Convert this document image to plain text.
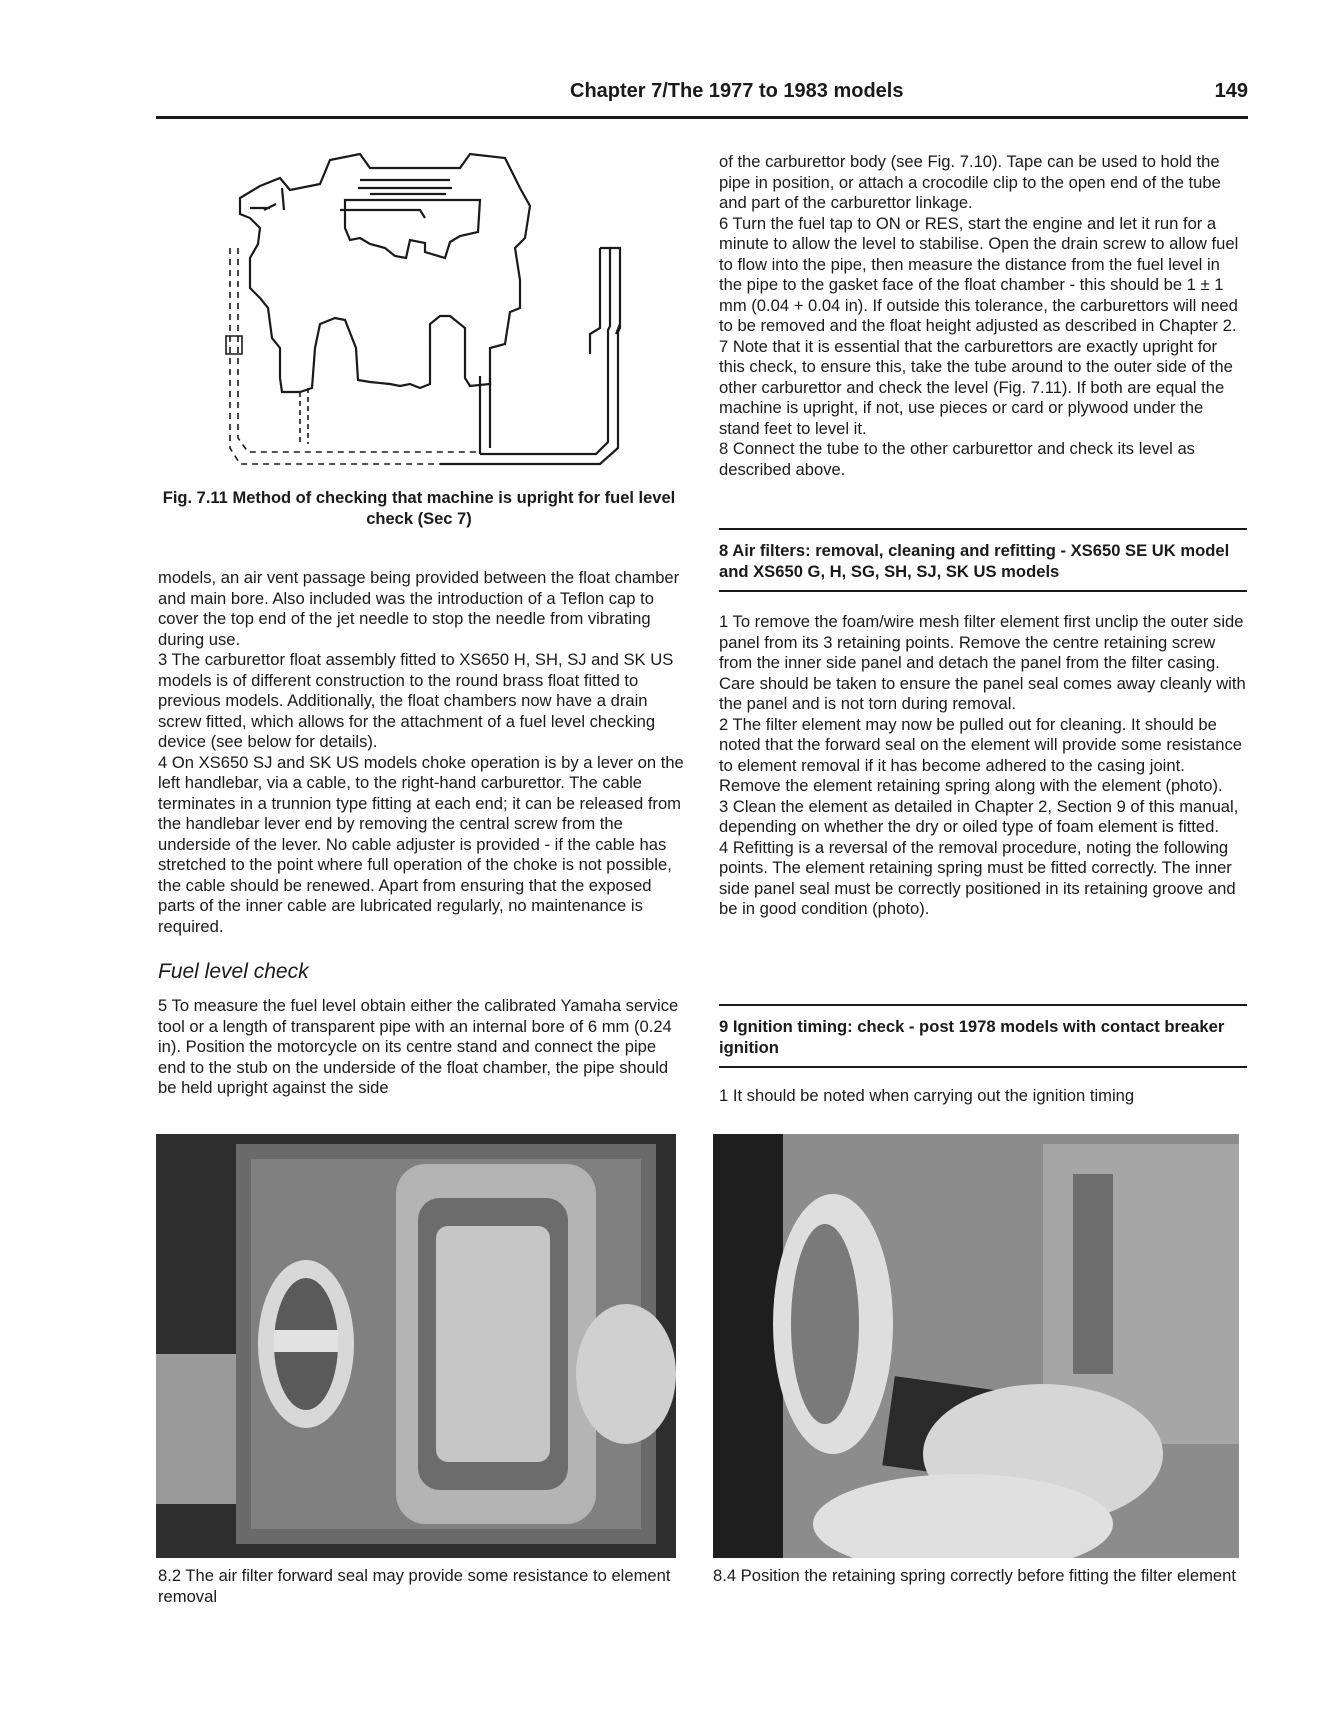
Chapter 7/The 1977 to 1983 models	149
Fig. 7.11 Method of checking that machine is upright for fuel level check (Sec 7)

models, an air vent passage being provided between the float chamber and main bore. Also included was the introduction of a Teflon cap to cover the top end of the jet needle to stop the needle from vibrating during use.

3 The carburettor float assembly fitted to XS650 H, SH, SJ and SK US models is of different construction to the round brass float fitted to previous models. Additionally, the float chambers now have a drain screw fitted, which allows for the attachment of a fuel level checking device (see below for details).

4 On XS650 SJ and SK US models choke operation is by a lever on the left handlebar, via a cable, to the right-hand carburettor. The cable terminates in a trunnion type fitting at each end; it can be released from the handlebar lever end by removing the central screw from the underside of the lever. No cable adjuster is provided - if the cable has stretched to the point where full operation of the choke is not possible, the cable should be renewed. Apart from ensuring that the exposed parts of the inner cable are lubricated regularly, no maintenance is required.

Fuel level check

5 To measure the fuel level obtain either the calibrated Yamaha service tool or a length of transparent pipe with an internal bore of 6 mm (0.24 in). Position the motorcycle on its centre stand and connect the pipe end to the stub on the underside of the float chamber, the pipe should be held upright against the side

of the carburettor body (see Fig. 7.10). Tape can be used to hold the pipe in position, or attach a crocodile clip to the open end of the tube and part of the carburettor linkage.

6 Turn the fuel tap to ON or RES, start the engine and let it run for a minute to allow the level to stabilise. Open the drain screw to allow fuel to flow into the pipe, then measure the distance from the fuel level in the pipe to the gasket face of the float chamber - this should be 1 ± 1 mm (0.04 + 0.04 in). If outside this tolerance, the carburettors will need to be removed and the float height adjusted as described in Chapter 2.

7 Note that it is essential that the carburettors are exactly upright for this check, to ensure this, take the tube around to the outer side of the other carburettor and check the level (Fig. 7.11). If both are equal the machine is upright, if not, use pieces or card or plywood under the stand feet to level it.

8 Connect the tube to the other carburettor and check its level as described above.

8 Air filters: removal, cleaning and refitting - XS650 SE UK model and XS650 G, H, SG, SH, SJ, SK US models

1 To remove the foam/wire mesh filter element first unclip the outer side panel from its 3 retaining points. Remove the centre retaining screw from the inner side panel and detach the panel from the filter casing. Care should be taken to ensure the panel seal comes away cleanly with the panel and is not torn during removal.

2 The filter element may now be pulled out for cleaning. It should be noted that the forward seal on the element will provide some resistance to element removal if it has become adhered to the casing joint. Remove the element retaining spring along with the element (photo).

3 Clean the element as detailed in Chapter 2, Section 9 of this manual, depending on whether the dry or oiled type of foam element is fitted.

4 Refitting is a reversal of the removal procedure, noting the following points. The element retaining spring must be fitted correctly. The inner side panel seal must be correctly positioned in its retaining groove and be in good condition (photo).

9 Ignition timing: check - post 1978 models with contact breaker ignition

1 It should be noted when carrying out the ignition timing

8.2 The air filter forward seal may provide some resistance to element removal
8.4 Position the retaining spring correctly before fitting the filter element
